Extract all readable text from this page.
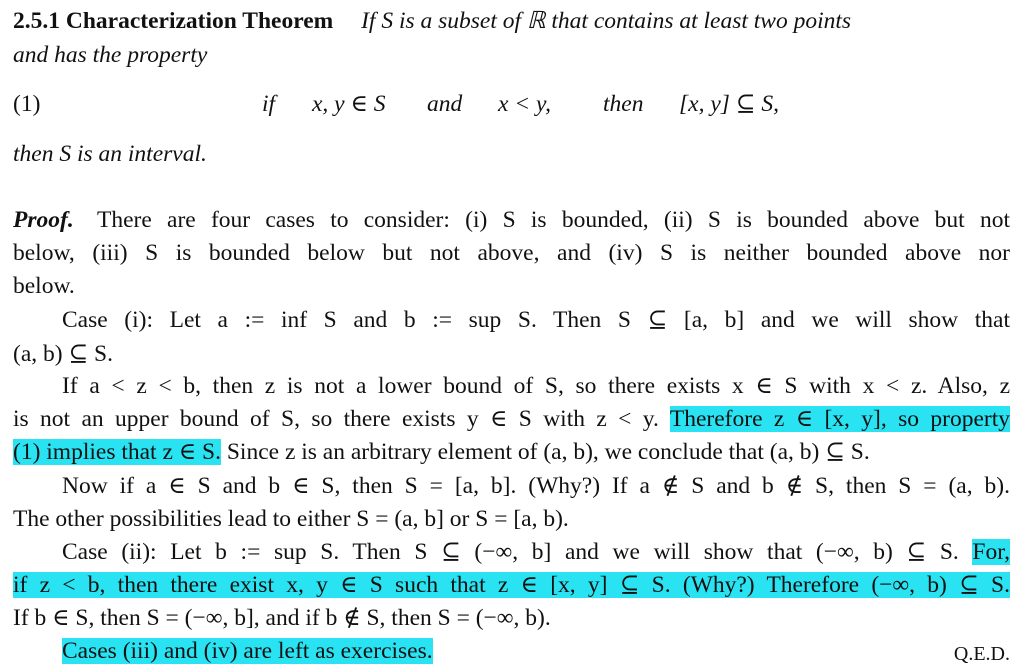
2.5.1 Characterization Theorem If S is a subset of ℝ that contains at least two points
and has the property
(1)	if x, y ∈ S and x < y, then [x, y] ⊆ S,
then S is an interval.
Proof. There are four cases to consider: (i) S is bounded, (ii) S is bounded above but not
below, (iii) S is bounded below but not above, and (iv) S is neither bounded above nor
below.
Case (i): Let a := inf S and b := sup S. Then S ⊆ [a, b] and we will show that
(a, b) ⊆ S.
If a < z < b, then z is not a lower bound of S, so there exists x ∈ S with x < z. Also, z
is not an upper bound of S, so there exists y ∈ S with z < y. Therefore z ∈ [x, y], so property
(1) implies that z ∈ S. Since z is an arbitrary element of (a, b), we conclude that (a, b) ⊆ S.
Now if a ∈ S and b ∈ S, then S = [a, b]. (Why?) If a ∉ S and b ∉ S, then S = (a, b).
The other possibilities lead to either S = (a, b] or S = [a, b).
Case (ii): Let b := sup S. Then S ⊆ (−∞, b] and we will show that (−∞, b) ⊆ S. For,
if z < b, then there exist x, y ∈ S such that z ∈ [x, y] ⊆ S. (Why?) Therefore (−∞, b) ⊆ S.
If b ∈ S, then S = (−∞, b], and if b ∉ S, then S = (−∞, b).
Cases (iii) and (iv) are left as exercises.	Q.E.D.
